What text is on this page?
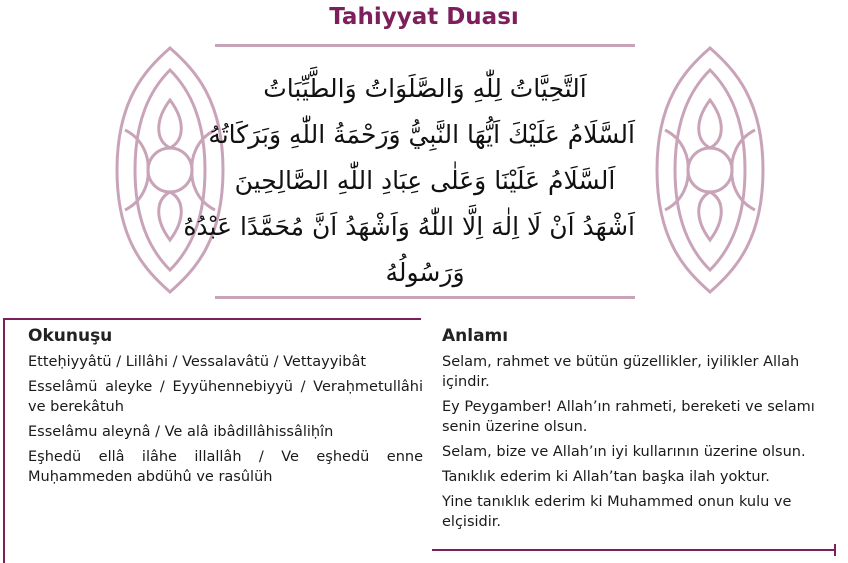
Tahiyyat Duası
اَلتَّحِيَّاتُ لِلّٰهِ وَالصَّلَوَاتُ وَالطَّيِّبَاتُ
اَلسَّلَامُ عَلَيْكَ اَيُّهَا النَّبِيُّ وَرَحْمَةُ اللّٰهِ وَبَرَكَاتُهُ
اَلسَّلَامُ عَلَيْنَا وَعَلٰى عِبَادِ اللّٰهِ الصَّالِحِينَ
اَشْهَدُ اَنْ لَا اِلٰهَ اِلَّا اللّٰهُ وَاَشْهَدُ اَنَّ مُحَمَّدًا عَبْدُهُ
وَرَسُولُهُ
Okunuşu

Etteḥiyyâtü / Lillâhi / Vessalavâtü / Vettayyibât

Esselâmü aleyke / Eyyühennebiyyü / Veraḥmetullâhi ve berekâtuh

Esselâmu aleynâ / Ve alâ ibâdillâhissâliḥîn

Eşhedü ellâ ilâhe illallâh / Ve eşhedü enne Muḥammeden abdühû ve rasûlüh

Anlamı

Selam, rahmet ve bütün güzellikler, iyilikler Allah içindir.

Ey Peygamber! Allah’ın rahmeti, bereketi ve selamı senin üzerine olsun.

Selam, bize ve Allah’ın iyi kullarının üzerine olsun.

Tanıklık ederim ki Allah’tan başka ilah yoktur.

Yine tanıklık ederim ki Muhammed onun kulu ve elçisidir.
